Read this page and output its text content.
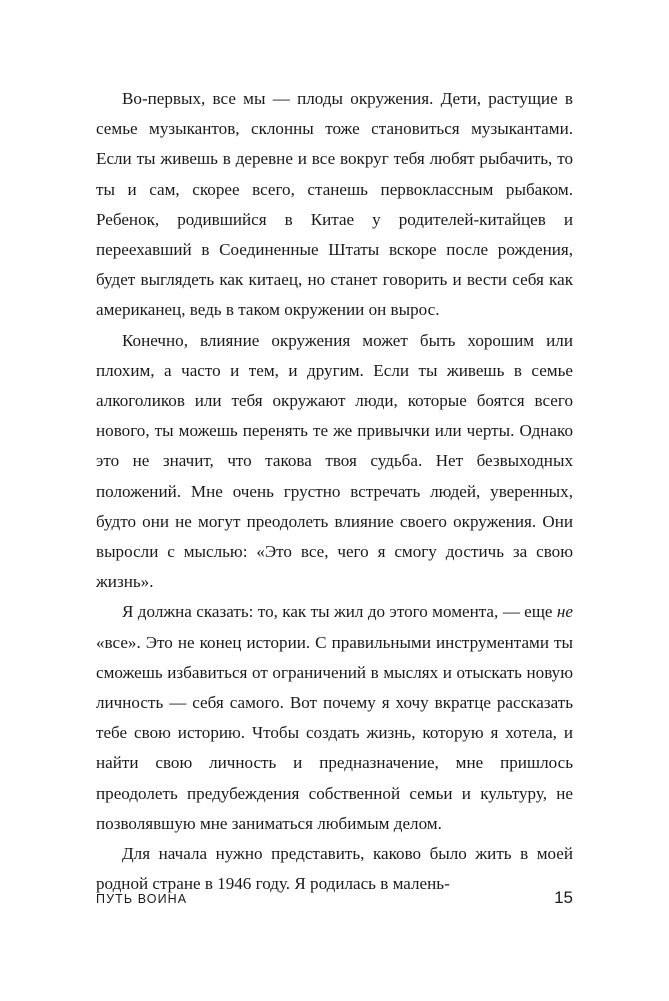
Во-первых, все мы — плоды окружения. Дети, растущие в семье музыкантов, склонны тоже становиться музыкантами. Если ты живешь в деревне и все вокруг тебя любят рыбачить, то ты и сам, скорее всего, станешь первоклассным рыбаком. Ребенок, родившийся в Китае у родителей-китайцев и переехавший в Соединенные Штаты вскоре после рождения, будет выглядеть как китаец, но станет говорить и вести себя как американец, ведь в таком окружении он вырос.

Конечно, влияние окружения может быть хорошим или плохим, а часто и тем, и другим. Если ты живешь в семье алкоголиков или тебя окружают люди, которые боятся всего нового, ты можешь перенять те же привычки или черты. Однако это не значит, что такова твоя судьба. Нет безвыходных положений. Мне очень грустно встречать людей, уверенных, будто они не могут преодолеть влияние своего окружения. Они выросли с мыслью: «Это все, чего я смогу достичь за свою жизнь».

Я должна сказать: то, как ты жил до этого момента, — еще не «все». Это не конец истории. С правильными инструментами ты сможешь избавиться от ограничений в мыслях и отыскать новую личность — себя самого. Вот почему я хочу вкратце рассказать тебе свою историю. Чтобы создать жизнь, которую я хотела, и найти свою личность и предназначение, мне пришлось преодолеть предубеждения собственной семьи и культуру, не позволявшую мне заниматься любимым делом.

Для начала нужно представить, каково было жить в моей родной стране в 1946 году. Я родилась в малень-

ПУТЬ ВОИНА	15
